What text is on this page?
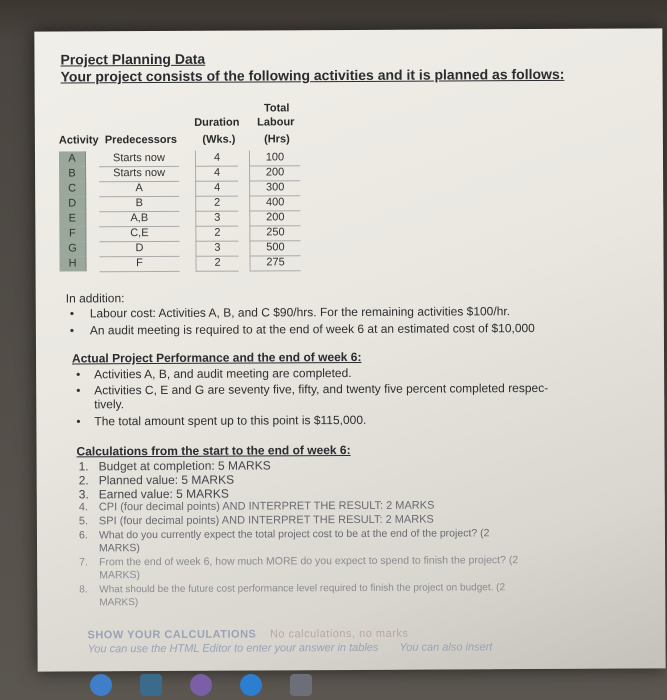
Project Planning Data
Your project consists of the following activities and it is planned as follows:
Total
Duration	Labour
Activity Predecessors	(Wks.)	(Hrs)
A	Starts now	4	100
B	Starts now	4	200
C	A	4	300
D	B	2	400
E	A,B	3	200
F	C,E	2	250
G	D	3	500
H	F	2	275
In addition:
• Labour cost: Activities A, B, and C $90/hrs. For the remaining activities $100/hr.
• An audit meeting is required to at the end of week 6 at an estimated cost of $10,000
Actual Project Performance and the end of week 6:
• Activities A, B, and audit meeting are completed.
• Activities C, E and G are seventy five, fifty, and twenty five percent completed respec-
tively.
• The total amount spent up to this point is $115,000.
Calculations from the start to the end of week 6:
1. Budget at completion: 5 MARKS
2. Planned value: 5 MARKS
3. Earned value: 5 MARKS
4. CPI (four decimal points) AND INTERPRET THE RESULT: 2 MARKS
5. SPI (four decimal points) AND INTERPRET THE RESULT: 2 MARKS
6. What do you currently expect the total project cost to be at the end of the project? (2
MARKS)
7. From the end of week 6, how much MORE do you expect to spend to finish the project? (2
MARKS)
8. What should be the future cost performance level required to finish the project on budget. (2
MARKS)
SHOW YOUR CALCULATIONS No calculations, no marks
You can use the HTML Editor to enter your answer in tables You can also insert
